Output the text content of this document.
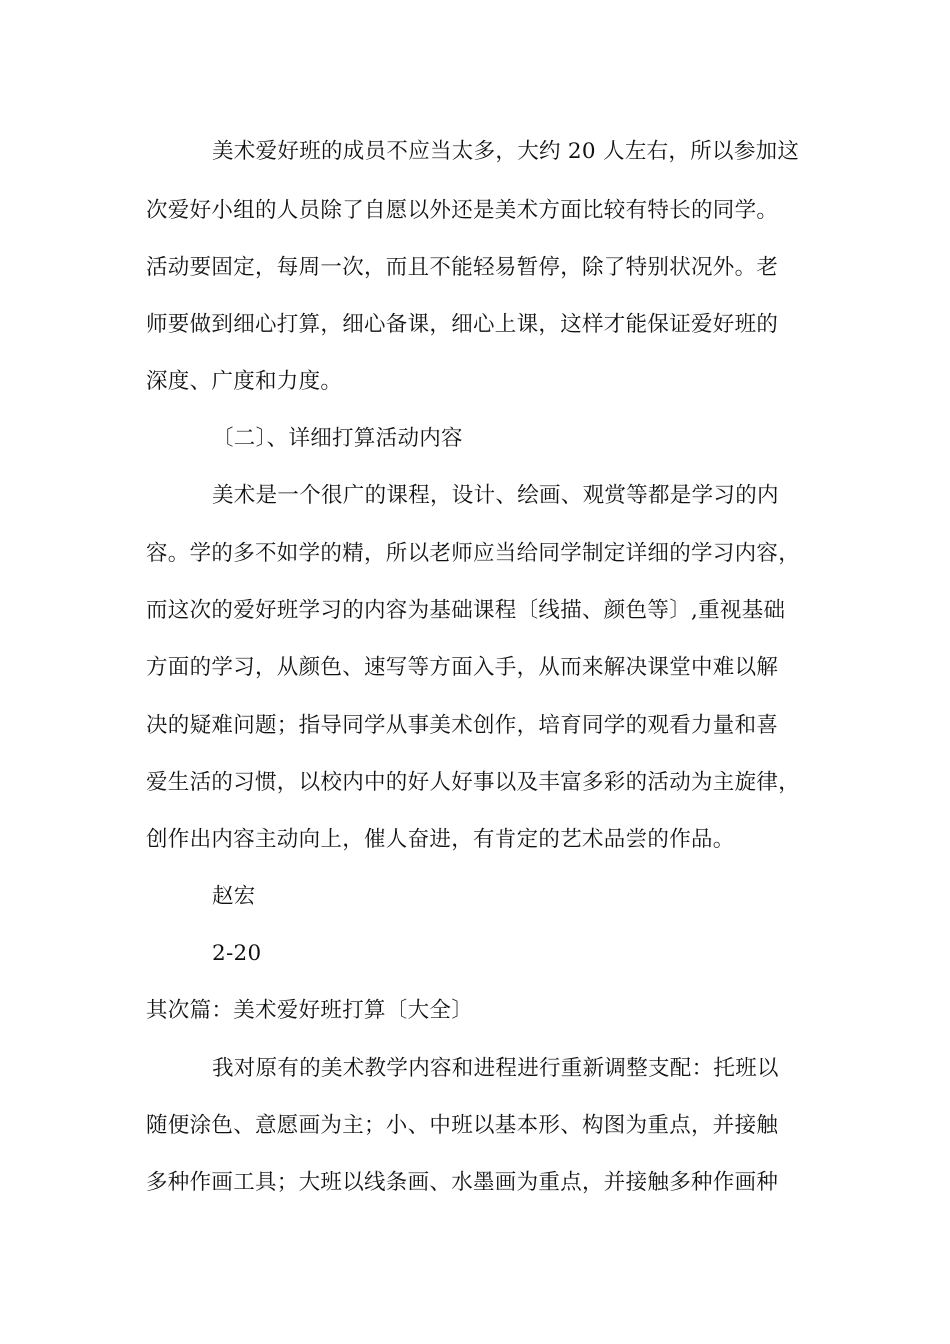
美术爱好班的成员不应当太多，大约 20 人左右，所以参加这
次爱好小组的人员除了自愿以外还是美术方面比较有特长的同学。
活动要固定，每周一次，而且不能轻易暂停，除了特别状况外。老
师要做到细心打算，细心备课，细心上课，这样才能保证爱好班的
深度、广度和力度。
〔二〕、详细打算活动内容
美术是一个很广的课程，设计、绘画、观赏等都是学习的内
容。学的多不如学的精，所以老师应当给同学制定详细的学习内容，
而这次的爱好班学习的内容为基础课程〔线描、颜色等〕,重视基础
方面的学习，从颜色、速写等方面入手，从而来解决课堂中难以解
决的疑难问题；指导同学从事美术创作，培育同学的观看力量和喜
爱生活的习惯，以校内中的好人好事以及丰富多彩的活动为主旋律，
创作出内容主动向上，催人奋进，有肯定的艺术品尝的作品。
赵宏
2-20
其次篇：美术爱好班打算〔大全〕
我对原有的美术教学内容和进程进行重新调整支配：托班以
随便涂色、意愿画为主；小、中班以基本形、构图为重点，并接触
多种作画工具；大班以线条画、水墨画为重点，并接触多种作画种
